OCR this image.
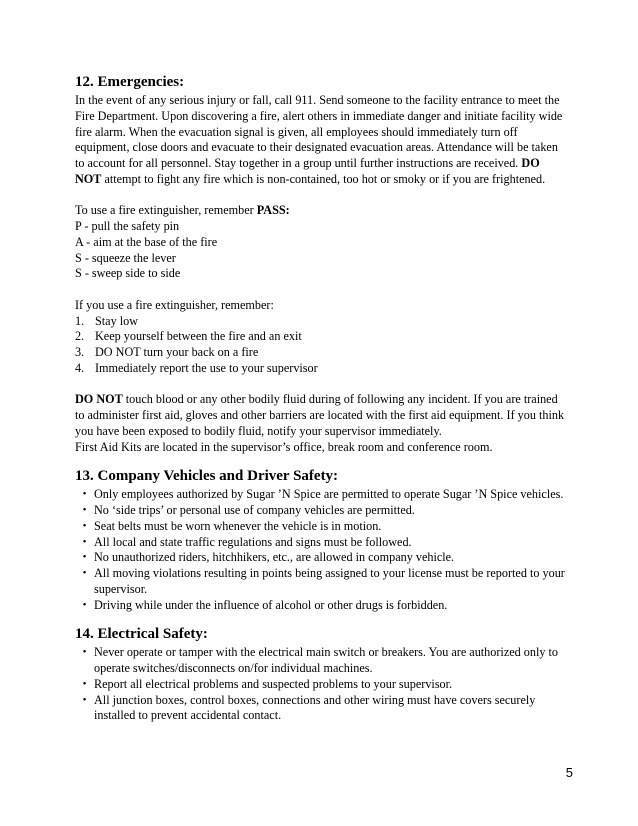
12. Emergencies:

In the event of any serious injury or fall, call 911. Send someone to the facility entrance to meet the Fire Department. Upon discovering a fire, alert others in immediate danger and initiate facility wide fire alarm. When the evacuation signal is given, all employees should immediately turn off equipment, close doors and evacuate to their designated evacuation areas. Attendance will be taken to account for all personnel. Stay together in a group until further instructions are received. DO NOT attempt to fight any fire which is non-contained, too hot or smoky or if you are frightened.

To use a fire extinguisher, remember PASS:

P - pull the safety pin
A - aim at the base of the fire
S - squeeze the lever
S - sweep side to side

If you use a fire extinguisher, remember:

1. Stay low
2. Keep yourself between the fire and an exit
3. DO NOT turn your back on a fire
4. Immediately report the use to your supervisor

DO NOT touch blood or any other bodily fluid during of following any incident. If you are trained to administer first aid, gloves and other barriers are located with the first aid equipment. If you think you have been exposed to bodily fluid, notify your supervisor immediately.

First Aid Kits are located in the supervisor’s office, break room and conference room.

13. Company Vehicles and Driver Safety:
• Only employees authorized by Sugar ’N Spice are permitted to operate Sugar ’N Spice vehicles.
• No ‘side trips’ or personal use of company vehicles are permitted.
• Seat belts must be worn whenever the vehicle is in motion.
• All local and state traffic regulations and signs must be followed.
• No unauthorized riders, hitchhikers, etc., are allowed in company vehicle.
• All moving violations resulting in points being assigned to your license must be reported to your supervisor.
• Driving while under the influence of alcohol or other drugs is forbidden.
14. Electrical Safety:
• Never operate or tamper with the electrical main switch or breakers. You are authorized only to operate switches/disconnects on/for individual machines.
• Report all electrical problems and suspected problems to your supervisor.
• All junction boxes, control boxes, connections and other wiring must have covers securely installed to prevent accidental contact.
5
